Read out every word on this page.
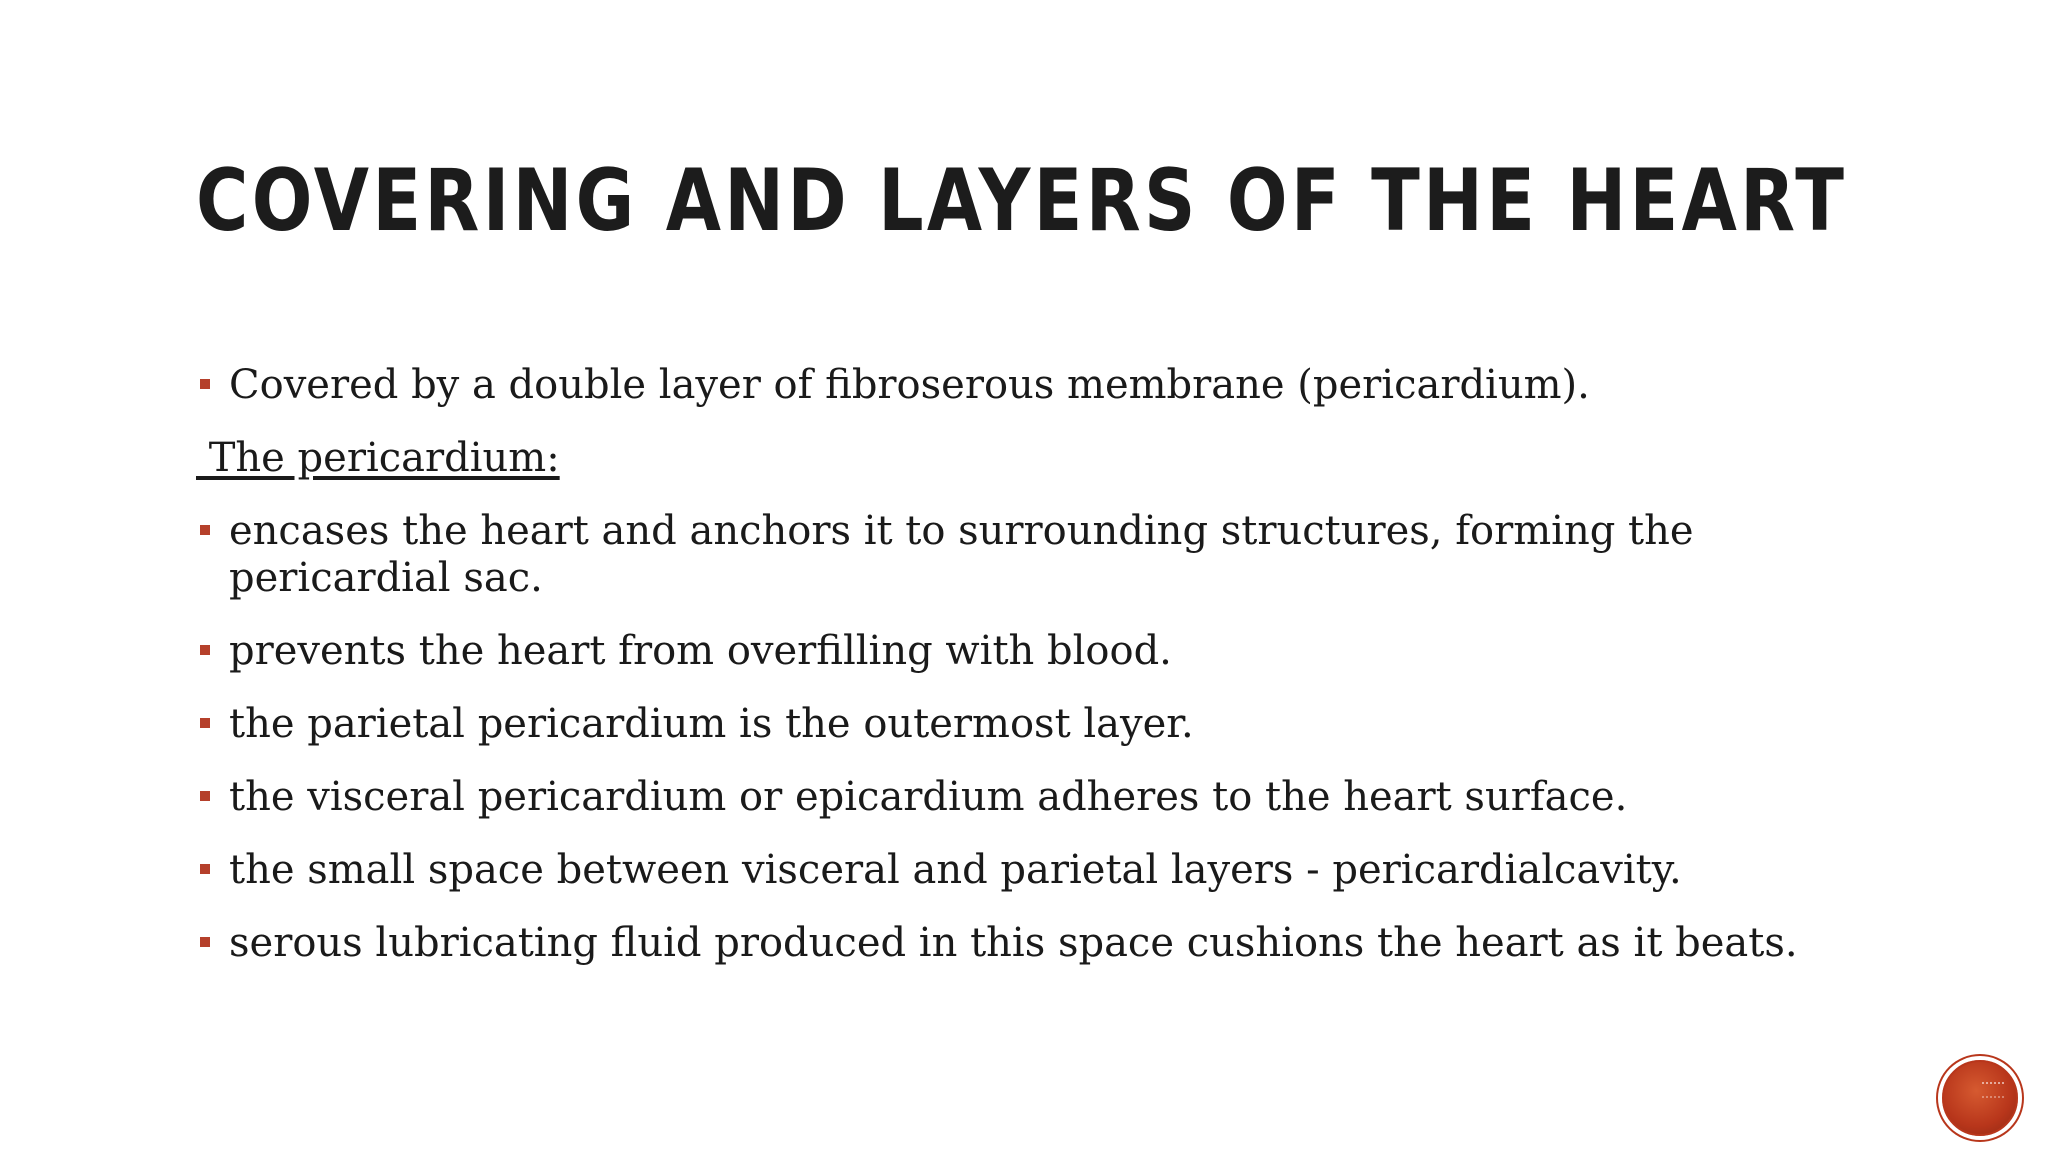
COVERING AND LAYERS OF THE HEART
Covered by a double layer of fibroserous membrane (pericardium).
The pericardium:
encases the heart and anchors it to surrounding structures, forming the pericardial sac.
prevents the heart from overfilling with blood.
the parietal pericardium is the outermost layer.
the visceral pericardium or epicardium adheres to the heart surface.
the small space between visceral and parietal layers - pericardialcavity.
serous lubricating fluid produced in this space cushions the heart as it beats.
